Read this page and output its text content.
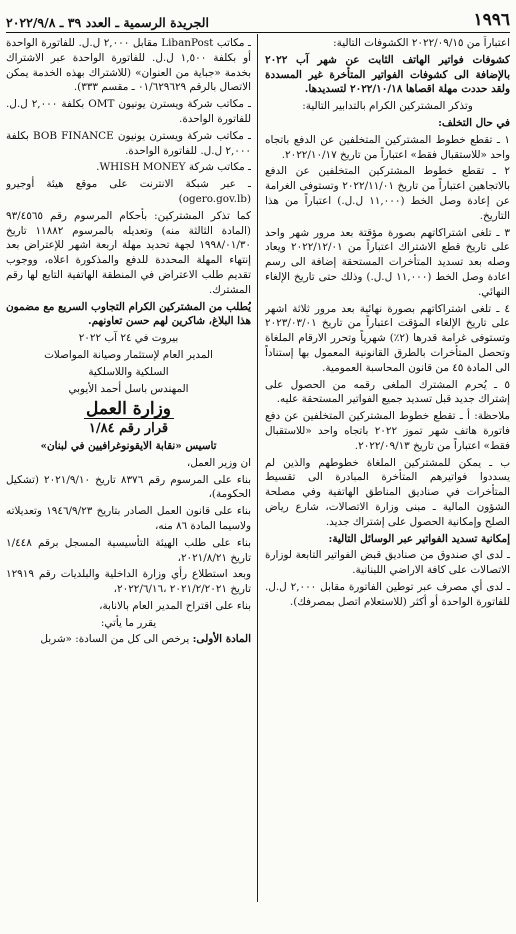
الجريدة الرسمية ـ العدد ٣٩ ـ ٢٠٢٢/٩/٨	١٩٩٦

اعتباراً من ٢٠٢٢/٠٩/١٥ الكشوفات التالية:

كشوفات فواتير الهاتف الثابت عن شهر آب ٢٠٢٢ بالإضافة الى كشوفات الفواتير المتأخرة غير المسددة ولقد حددت مهلة اقصاها ٢٠٢٢/١٠/١٨ لتسديدها.

وتذكر المشتركين الكرام بالتدابير التالية:

في حال التخلف:

١ ـ تقطع خطوط المشتركين المتخلفين عن الدفع باتجاه واحد «للاستقبال فقط» اعتباراً من تاريخ ٢٠٢٢/١٠/١٧.

٢ ـ تقطع خطوط المشتركين المتخلفين عن الدفع بالاتجاهين اعتباراً من تاريخ ٢٠٢٢/١١/٠١ وتستوفى الغرامة عن إعادة وصل الخط (١١,٠٠٠ ل.ل.) اعتباراً من هذا التاريخ.

٣ ـ تلغى اشتراكاتهم بصورة مؤقتة بعد مرور شهر واحد على تاريخ قطع الاشتراك اعتباراً من ٢٠٢٢/١٢/٠١ ويعاد وصله بعد تسديد المتأخرات المستحقة إضافة الى رسم اعادة وصل الخط (١١,٠٠٠ ل.ل.) وذلك حتى تاريخ الإلغاء النهائي.

٤ ـ تلغى اشتراكاتهم بصورة نهائية بعد مرور ثلاثة اشهر على تاريخ الإلغاء المؤقت اعتباراً من تاريخ ٢٠٢٣/٠٣/٠١ وتستوفى غرامة قدرها (٢٪) شهرياً وتحرر الارقام الملغاة وتحصل المتأخرات بالطرق القانونية المعمول بها إستناداً الى المادة ٤٥ من قانون المحاسبة العمومية.

٥ ـ يُحرم المشترك الملغى رقمه من الحصول على إشتراك جديد قبل تسديد جميع الفواتير المستحقة عليه.

ملاحظة: أ ـ تقطع خطوط المشتركين المتخلفين عن دفع فاتورة هاتف شهر تموز ٢٠٢٢ باتجاه واحد «للاستقبال فقط» اعتباراً من تاريخ ٢٠٢٢/٠٩/١٣.

ب ـ يمكن للمشتركين الملغاة خطوطهم والذين لم يسددوا فواتيرهم المتأخرة المبادرة الى تقسيط المتأخرات في صناديق المناطق الهاتفية وفي مصلحة الشؤون المالية ـ مبنى وزارة الاتصالات، شارع رياض الصلح وإمكانية الحصول على إشتراك جديد.

إمكانية تسديد الفواتير عبر الوسائل التالية:

ـ لدى اي صندوق من صناديق قبض الفواتير التابعة لوزارة الاتصالات على كافة الاراضي اللبنانية.

ـ لدى أي مصرف عبر توطين الفاتورة مقابل ٢,٠٠٠ ل.ل. للفاتورة الواحدة أو أكثر (للاستعلام اتصل بمصرفك).

ـ مكاتب LibanPost مقابل ٢,٠٠٠ ل.ل. للفاتورة الواحدة أو بكلفة ١,٥٠٠ ل.ل. للفاتورة الواحدة عبر الاشتراك بخدمة «جباية من العنوان» (للاشتراك بهذه الخدمة يمكن الاتصال بالرقم ٠١/٦٢٩٦٢٩ ـ مقسم ٣٣٣).

ـ مكاتب شركة ويسترن يونيون OMT بكلفة ٢,٠٠٠ ل.ل. للفاتورة الواحدة.

ـ مكاتب شركة ويسترن يونيون BOB FINANCE بكلفة ٢,٠٠٠ ل.ل. للفاتورة الواحدة.

ـ مكاتب شركة WHISH MONEY.

ـ عبر شبكة الانترنت على موقع هيئة أوجيرو (ogero.gov.lb)

كما تذكر المشتركين: بأحكام المرسوم رقم ٩٣/٤٥٦٥ (المادة الثالثة منه) وتعديله بالمرسوم ١١٨٨٢ تاريخ ١٩٩٨/٠١/٣٠ لجهة تحديد مهلة اربعة اشهر للإعتراض بعد إنتهاء المهلة المحددة للدفع والمذكورة اعلاه، ووجوب تقديم طلب الاعتراض في المنطقة الهاتفية التابع لها رقم المشترك.

يُطلب من المشتركين الكرام التجاوب السريع مع مضمون هذا البلاغ، شاكرين لهم حسن تعاونهم.

بيروت في ٢٤ آب ٢٠٢٢

المدير العام لإستثمار وصيانة المواصلات

السلكية واللاسلكية

المهندس باسل أحمد الأيوبي

وزارة العمل
قرار رقم ١/٨٤

تاسيس «نقابة الايقونوغرافيين في لبنان»

ان وزير العمل،

بناء على المرسوم رقم ٨٣٧٦ تاريخ ٢٠٢١/٩/١٠ (تشكيل الحكومة)،

بناء على قانون العمل الصادر بتاريخ ١٩٤٦/٩/٢٣ وتعديلاته ولاسيما المادة ٨٦ منه،

بناء على طلب الهيئة التأسيسية المسجل برقم ١/٤٤٨ تاريخ ٢٠٢١/٨/٢١،

وبعد استطلاع رأي وزارة الداخلية والبلديات رقم ١٢٩١٩ تاريخ ٢٠٢١/٢/٢٠٢١ ،٢٠٢٢/٦/١٦،

بناء على اقتراح المدير العام بالانابة،

يقرر ما يأتي:

المادة الأولى: يرخص الى كل من السادة: «شربل
